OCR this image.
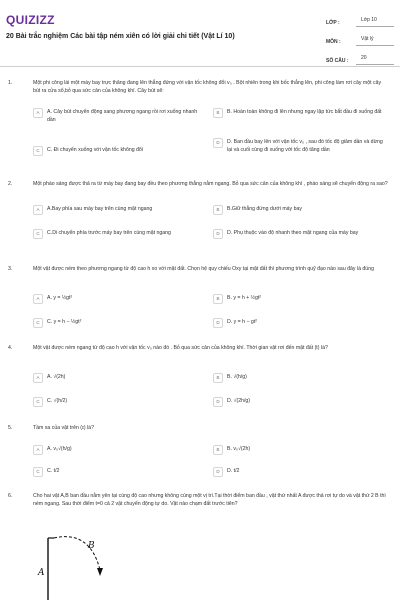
QUIZIZZ
20 Bài trắc nghiệm Các bài tập ném xiên có lời giải chi tiết (Vật Lí 10)
LỚP :	Lớp 10
MÔN :	Vật lý
SỐ CÂU :	20
1.	Một phi công lái một máy bay trực thăng đang lên thẳng đứng với vận tốc không đổi v₀ . Bột nhiên trong khi bốc thẳng lên, phi công làm rơi cây một cây bút ra cửa sổ,bỏ qua sức cản của không khí. Cây bút sẽ:
A	A. Cây bút chuyển động sang phương ngang rồi rơi xuống nhanh dần
B	B. Hoàn toàn không đi lên nhưng ngay lập tức bắt đầu đi xuống đất
C	C. Đi chuyển xuống với vận tốc không đổi
D	D. Ban đầu bay lên với vận tốc v₀ , sau đó tốc độ giảm dần và dừng lại và cuối cùng đi xuống với tốc độ tăng dần
2.	Một pháo sáng được thả ra từ máy bay đang bay đều theo phương thẳng nằm ngang. Bỏ qua sức cản của không khí , pháo sáng sẽ chuyển động ra sao?
A	A.Bay phía sau máy bay trên cùng mặt ngang	B	B.Giữ thẳng đứng dưới máy bay
C	C.Di chuyển phía trước máy bay trên cùng mặt ngang	D	D. Phụ thuộc vào độ nhanh theo mặt ngang của máy bay
3.	Một vật được ném theo phương ngang từ độ cao h xo với mặt đất. Chọn hệ quy chiếu Oxy tại mặt đất thì phương trình quỹ đạo nào sau đây là đúng
A	A. y = ½gt²	B	B. y = h + ½gt²
C	C. y = h − ½gt²	D	D. y = h − gt²
4.	Một vật được ném ngang từ độ cao h với vận tốc v₀ nào đó . Bỏ qua sức cản của không khí. Thời gian vật rơi đến mặt đất (t) là?
A	A. √(2h)	B	B. √(h/g)
C	C. √(h/2)	D	D. √(2h/g)
5.	Tầm xa của vật trên (ɪ) là?
A	A. v₀√(h/g)	B	B. v₀√(2h)
C	C. t/2	D	D. t/2
6.	Cho hai vật A,B ban đầu nằm yên tại cùng độ cao nhưng không cùng một vị trí.Tại thời điểm ban đầu , vật thứ nhất A được thả rơi tự do và vật thứ 2 B thì ném ngang. Sau thời điểm t=0 cả 2 vật chuyển động tự do. Vật nào chạm đất trước tiên?
B
A
